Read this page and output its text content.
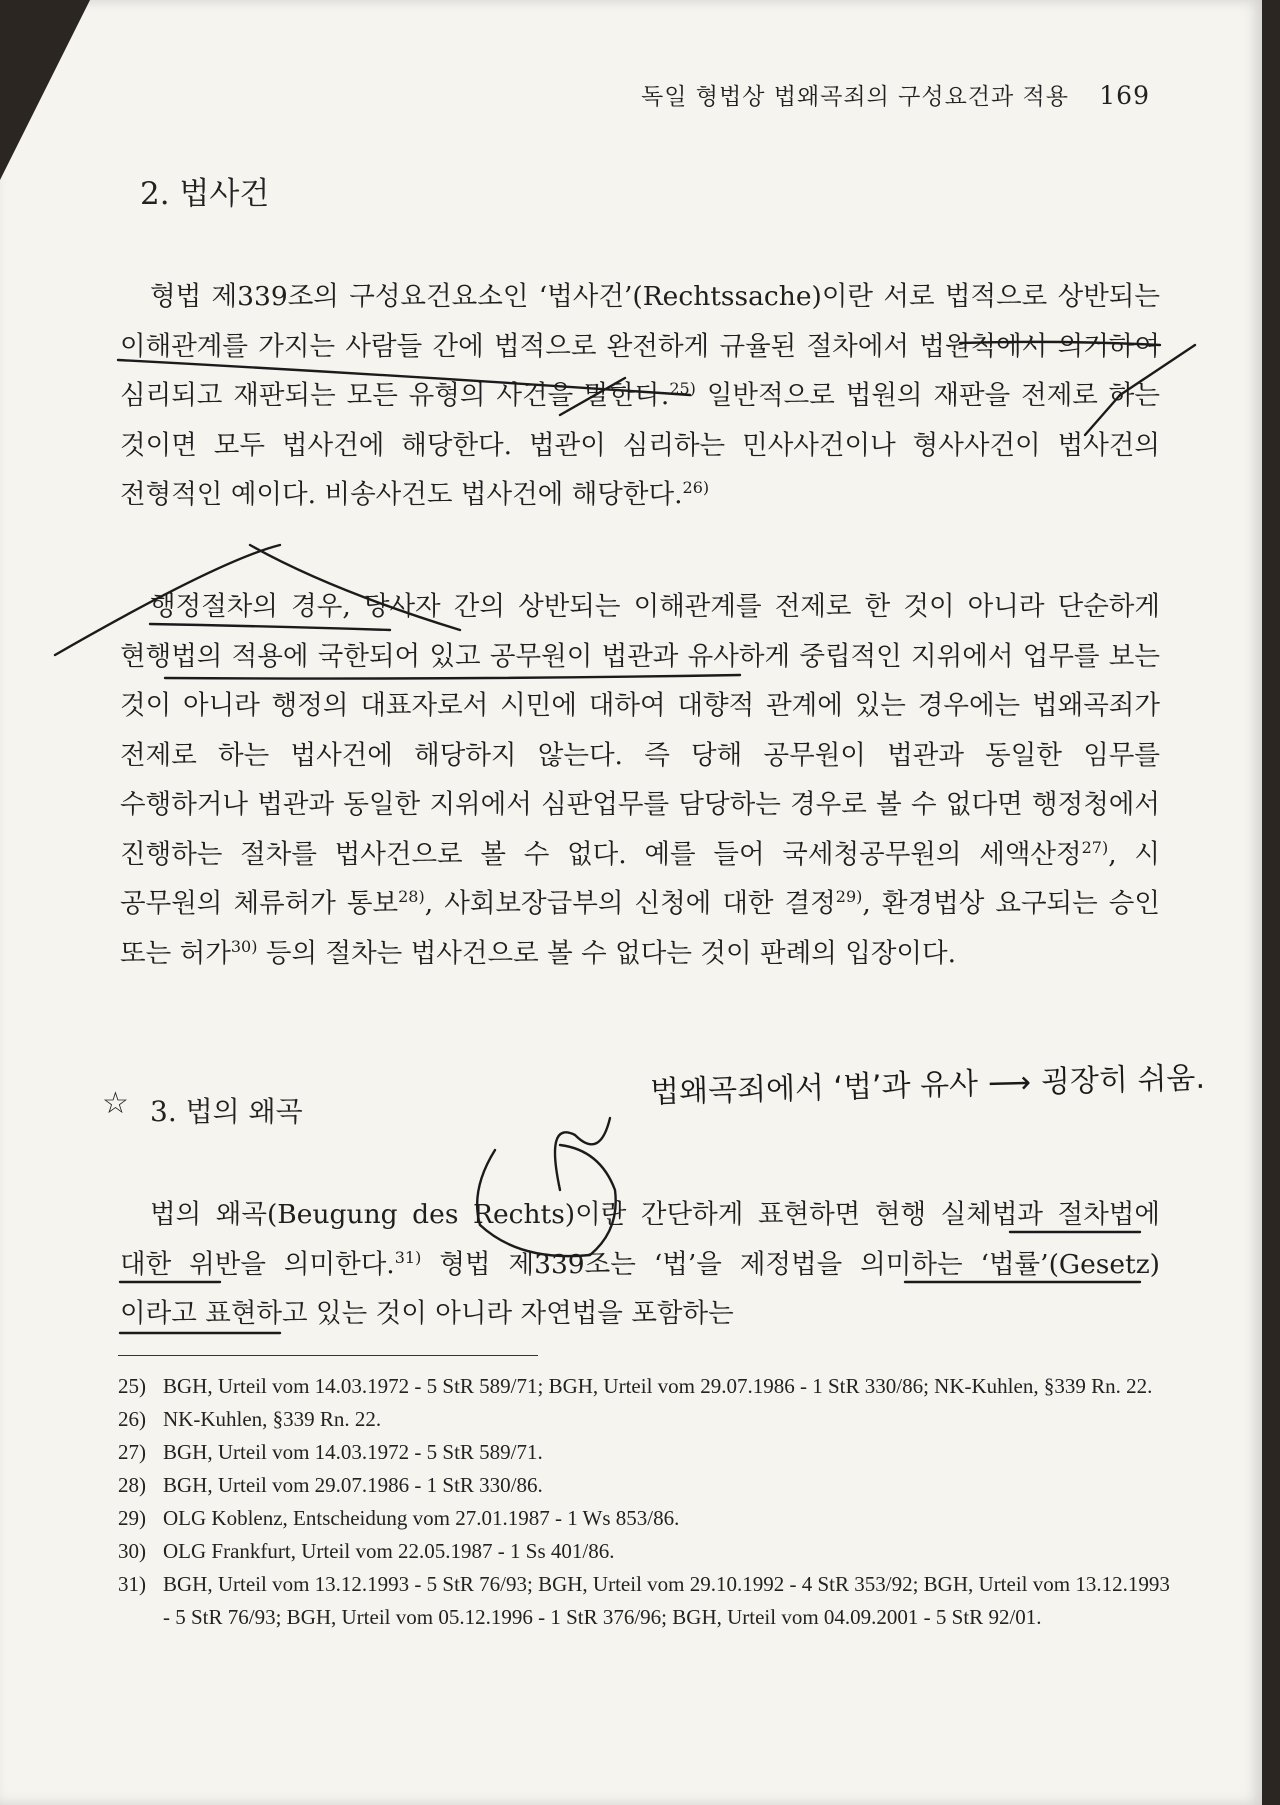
독일 형법상 법왜곡죄의 구성요건과 적용 169
2. 법사건

형법 제339조의 구성요건요소인 ‘법사건’(Rechtssache)이란 서로 법적으로 상반되는 이해관계를 가지는 사람들 간에 법적으로 완전하게 규율된 절차에서 법원칙에서 의거하여 심리되고 재판되는 모든 유형의 사건을 말한다.$^{25)}$ 일반적으로 법원의 재판을 전제로 하는 것이면 모두 법사건에 해당한다. 법관이 심리하는 민사사건이나 형사사건이 법사건의 전형적인 예이다. 비송사건도 법사건에 해당한다.$^{26)}$

행정절차의 경우, 당사자 간의 상반되는 이해관계를 전제로 한 것이 아니라 단순하게 현행법의 적용에 국한되어 있고 공무원이 법관과 유사하게 중립적인 지위에서 업무를 보는 것이 아니라 행정의 대표자로서 시민에 대하여 대향적 관계에 있는 경우에는 법왜곡죄가 전제로 하는 법사건에 해당하지 않는다. 즉 당해 공무원이 법관과 동일한 임무를 수행하거나 법관과 동일한 지위에서 심판업무를 담당하는 경우로 볼 수 없다면 행정청에서 진행하는 절차를 법사건으로 볼 수 없다. 예를 들어 국세청공무원의 세액산정$^{27)}$, 시 공무원의 체류허가 통보$^{28)}$, 사회보장급부의 신청에 대한 결정$^{29)}$, 환경법상 요구되는 승인 또는 허가$^{30)}$ 등의 절차는 법사건으로 볼 수 없다는 것이 판례의 입장이다.

☆ 3. 법의 왜곡
법왜곡죄에서 ‘법’과 유사 ⟶ 굉장히 쉬움.

법의 왜곡(Beugung des Rechts)이란 간단하게 표현하면 현행 실체법과 절차법에 대한 위반을 의미한다.$^{31)}$ 형법 제339조는 ‘법’을 제정법을 의미하는 ‘법률’(Gesetz)이라고 표현하고 있는 것이 아니라 자연법을 포함하는

25) BGH, Urteil vom 14.03.1972 - 5 StR 589/71; BGH, Urteil vom 29.07.1986 - 1 StR 330/86; NK-Kuhlen, §339 Rn. 22.
26) NK-Kuhlen, §339 Rn. 22.
27) BGH, Urteil vom 14.03.1972 - 5 StR 589/71.
28) BGH, Urteil vom 29.07.1986 - 1 StR 330/86.
29) OLG Koblenz, Entscheidung vom 27.01.1987 - 1 Ws 853/86.
30) OLG Frankfurt, Urteil vom 22.05.1987 - 1 Ss 401/86.
31) BGH, Urteil vom 13.12.1993 - 5 StR 76/93; BGH, Urteil vom 29.10.1992 - 4 StR 353/92; BGH, Urteil vom 13.12.1993 - 5 StR 76/93; BGH, Urteil vom 05.12.1996 - 1 StR 376/96; BGH, Urteil vom 04.09.2001 - 5 StR 92/01.
